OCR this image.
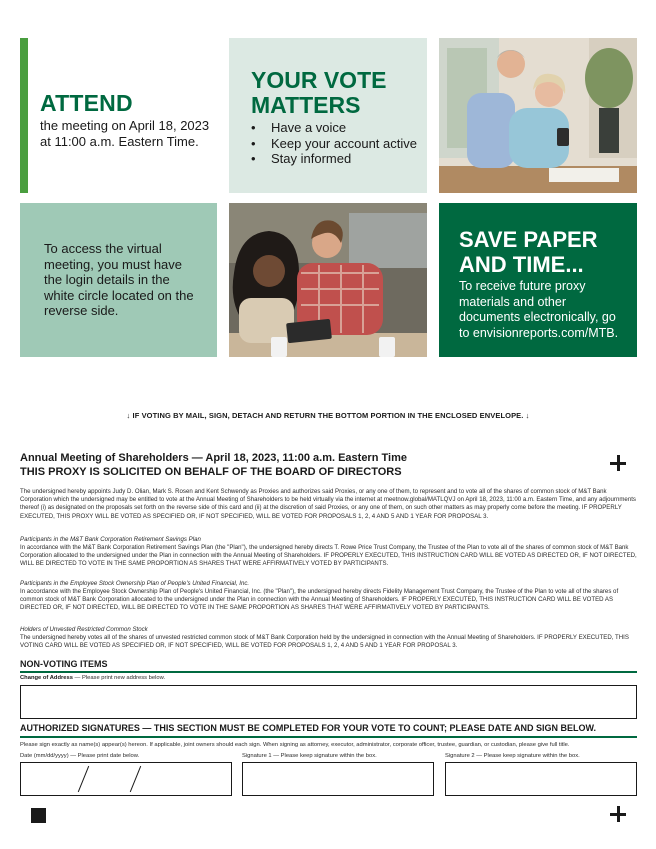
ATTEND

the meeting on April 18, 2023 at 11:00 a.m. Eastern Time.

YOUR VOTE MATTERS
• Have a voice
• Keep your account active
• Stay informed

To access the virtual meeting, you must have the login details in the white circle located on the reverse side.

SAVE PAPER AND TIME...

To receive future proxy materials and other documents electronically, go to envisionreports.com/MTB.

↓ IF VOTING BY MAIL, SIGN, DETACH AND RETURN THE BOTTOM PORTION IN THE ENCLOSED ENVELOPE. ↓
Annual Meeting of Shareholders — April 18, 2023, 11:00 a.m. Eastern Time
THIS PROXY IS SOLICITED ON BEHALF OF THE BOARD OF DIRECTORS

The undersigned hereby appoints Judy D. Olian, Mark S. Rosen and Kent Schwendy as Proxies and authorizes said Proxies, or any one of them, to represent and to vote all of the shares of common stock of M&T Bank Corporation which the undersigned may be entitled to vote at the Annual Meeting of Shareholders to be held virtually via the internet at meetnow.global/MATLQVJ on April 18, 2023, 11:00 a.m. Eastern Time, and any adjournments thereof (i) as designated on the proposals set forth on the reverse side of this card and (ii) at the discretion of said Proxies, or any one of them, on such other matters as may properly come before the meeting. IF PROPERLY EXECUTED, THIS PROXY WILL BE VOTED AS SPECIFIED OR, IF NOT SPECIFIED, WILL BE VOTED FOR PROPOSALS 1, 2, 4 AND 5 AND 1 YEAR FOR PROPOSAL 3.

Participants in the M&T Bank Corporation Retirement Savings Plan

In accordance with the M&T Bank Corporation Retirement Savings Plan (the "Plan"), the undersigned hereby directs T. Rowe Price Trust Company, the Trustee of the Plan to vote all of the shares of common stock of M&T Bank Corporation allocated to the undersigned under the Plan in connection with the Annual Meeting of Shareholders. IF PROPERLY EXECUTED, THIS INSTRUCTION CARD WILL BE VOTED AS DIRECTED OR, IF NOT DIRECTED, WILL BE DIRECTED TO VOTE IN THE SAME PROPORTION AS SHARES THAT WERE AFFIRMATIVELY VOTED BY PARTICIPANTS.

Participants in the Employee Stock Ownership Plan of People's United Financial, Inc.

In accordance with the Employee Stock Ownership Plan of People's United Financial, Inc. (the "Plan"), the undersigned hereby directs Fidelity Management Trust Company, the Trustee of the Plan to vote all of the shares of common stock of M&T Bank Corporation allocated to the undersigned under the Plan in connection with the Annual Meeting of Shareholders. IF PROPERLY EXECUTED, THIS INSTRUCTION CARD WILL BE VOTED AS DIRECTED OR, IF NOT DIRECTED, WILL BE DIRECTED TO VOTE IN THE SAME PROPORTION AS SHARES THAT WERE AFFIRMATIVELY VOTED BY PARTICIPANTS.

Holders of Unvested Restricted Common Stock

The undersigned hereby votes all of the shares of unvested restricted common stock of M&T Bank Corporation held by the undersigned in connection with the Annual Meeting of Shareholders. IF PROPERLY EXECUTED, THIS VOTING CARD WILL BE VOTED AS SPECIFIED OR, IF NOT SPECIFIED, WILL BE VOTED FOR PROPOSALS 1, 2, 4 AND 5 AND 1 YEAR FOR PROPOSAL 3.

NON-VOTING ITEMS
Change of Address — Please print new address below.
AUTHORIZED SIGNATURES — THIS SECTION MUST BE COMPLETED FOR YOUR VOTE TO COUNT; PLEASE DATE AND SIGN BELOW.
Please sign exactly as name(s) appear(s) hereon. If applicable, joint owners should each sign. When signing as attorney, executor, administrator, corporate officer, trustee, guardian, or custodian, please give full title.
Date (mm/dd/yyyy) — Please print date below.	Signature 1 — Please keep signature within the box.	Signature 2 — Please keep signature within the box.
